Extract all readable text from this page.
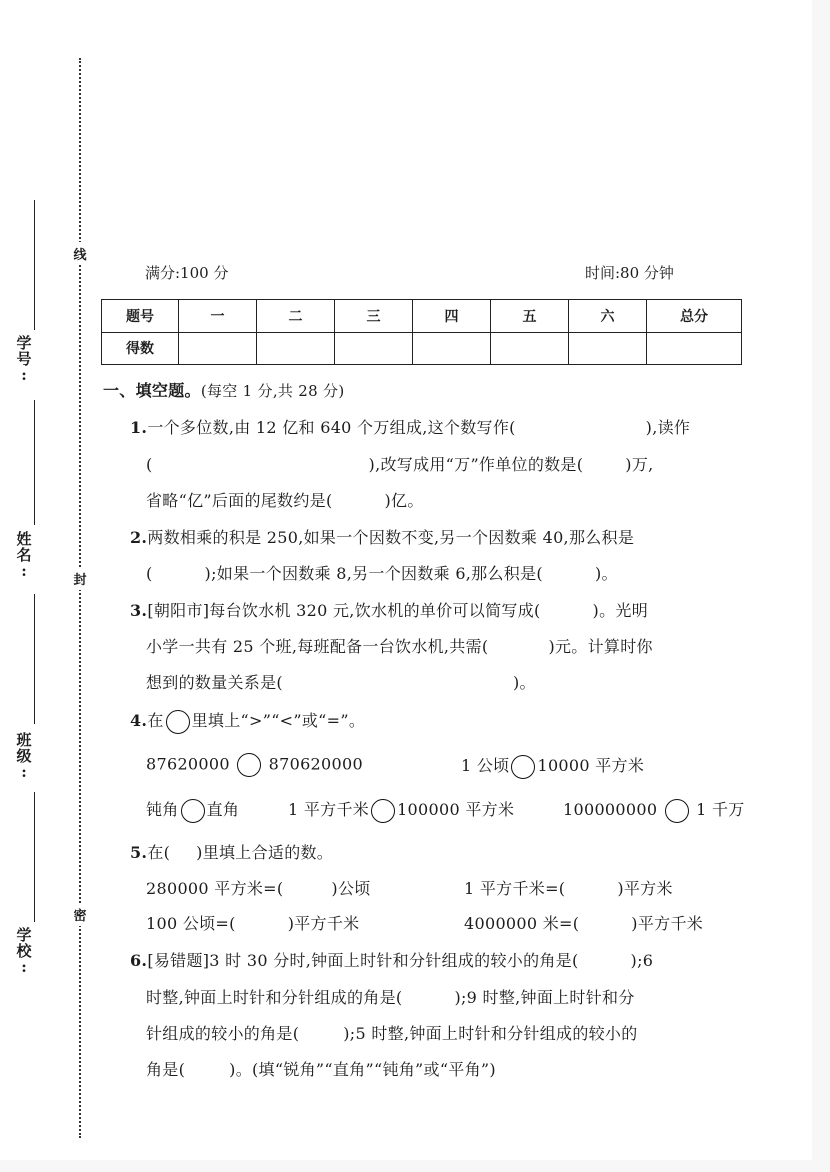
学
号
:
姓
名
:
班
级
:
学
校
:
线
封
密
满分:100 分	时间:80 分钟
题号	一	二	三	四	五	六	总分
得数							
一、填空题。(每空 1 分,共 28 分)
1.一个多位数,由 12 亿和 640 个万组成,这个数写作(	),读作
(	),改写成用“万”作单位的数是(	)万,
省略“亿”后面的尾数约是(	)亿。
2.两数相乘的积是 250,如果一个因数不变,另一个因数乘 40,那么积是
(	);如果一个因数乘 8,另一个因数乘 6,那么积是(	)。
3.[朝阳市]每台饮水机 320 元,饮水机的单价可以简写成(	)。光明
小学一共有 25 个班,每班配备一台饮水机,共需(	)元。计算时你
想到的数量关系是(	)。
4.在 里填上“>”“<”或“=”。
87620000 870620000	1 公顷 10000 平方米
钝角 直角	1 平方千米 100000 平方米	100000000 1 千万
5.在( )里填上合适的数。
280000 平方米=(	)公顷	1 平方千米=(	)平方米
100 公顷=(	)平方千米	4000000 米=(	)平方千米
6.[易错题]3 时 30 分时,钟面上时针和分针组成的较小的角是(	);6
时整,钟面上时针和分针组成的角是(	);9 时整,钟面上时针和分
针组成的较小的角是(	);5 时整,钟面上时针和分针组成的较小的
角是(	)。(填“锐角”“直角”“钝角”或“平角”)
